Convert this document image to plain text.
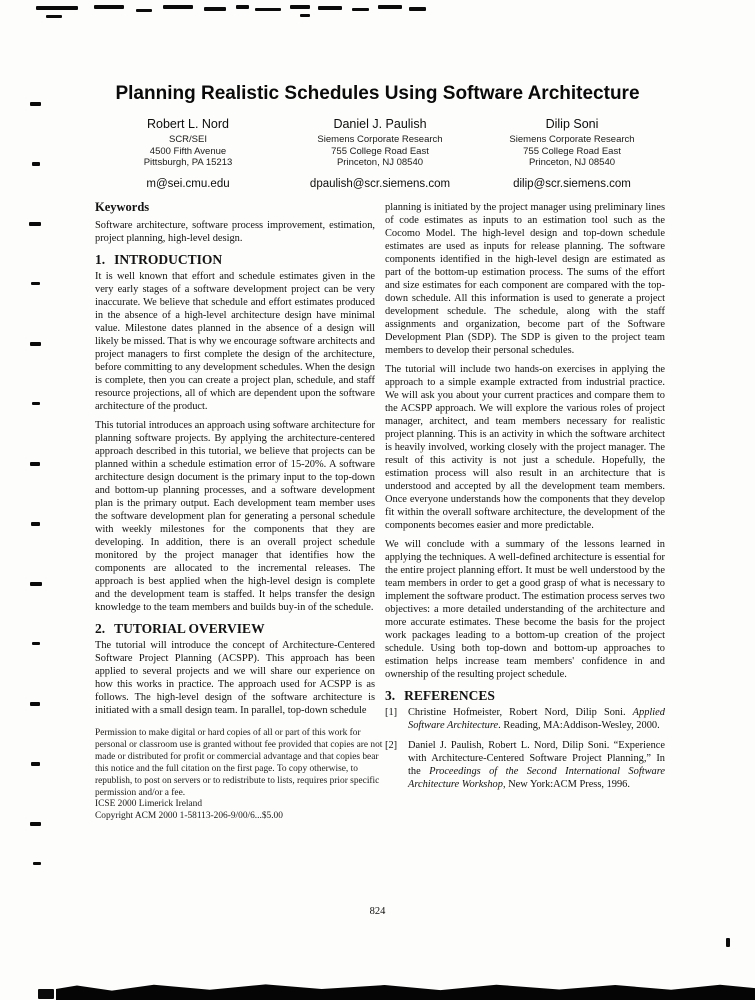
Planning Realistic Schedules Using Software Architecture
Robert L. Nord
SCR/SEI
4500 Fifth Avenue
Pittsburgh, PA 15213
m@sei.cmu.edu
Daniel J. Paulish
Siemens Corporate Research
755 College Road East
Princeton, NJ 08540
dpaulish@scr.siemens.com
Dilip Soni
Siemens Corporate Research
755 College Road East
Princeton, NJ 08540
dilip@scr.siemens.com
Keywords

Software architecture, software process improvement, estimation, project planning, high-level design.

1. INTRODUCTION

It is well known that effort and schedule estimates given in the very early stages of a software development project can be very inaccurate. We believe that schedule and effort estimates produced in the absence of a high-level architecture design have minimal value. Milestone dates planned in the absence of a design will likely be missed. That is why we encourage software architects and project managers to first complete the design of the architecture, before committing to any development schedules. When the design is complete, then you can create a project plan, schedule, and staff resource projections, all of which are dependent upon the software architecture of the product.

This tutorial introduces an approach using software architecture for planning software projects. By applying the architecture-centered approach described in this tutorial, we believe that projects can be planned within a schedule estimation error of 15-20%. A software architecture design document is the primary input to the top-down and bottom-up planning processes, and a software development plan is the primary output. Each development team member uses the software development plan for generating a personal schedule with weekly milestones for the components that they are developing. In addition, there is an overall project schedule monitored by the project manager that identifies how the components are allocated to the incremental releases. The approach is best applied when the high-level design is complete and the development team is staffed. It helps transfer the design knowledge to the team members and builds buy-in of the schedule.

2. TUTORIAL OVERVIEW

The tutorial will introduce the concept of Architecture-Centered Software Project Planning (ACSPP). This approach has been applied to several projects and we will share our experience on how this works in practice. The approach used for ACSPP is as follows. The high-level design of the software architecture is initiated with a small design team. In parallel, top-down schedule

Permission to make digital or hard copies of all or part of this work for personal or classroom use is granted without fee provided that copies are not made or distributed for profit or commercial advantage and that copies bear this notice and the full citation on the first page. To copy otherwise, to republish, to post on servers or to redistribute to lists, requires prior specific permission and/or a fee.
ICSE 2000 Limerick Ireland
Copyright ACM 2000 1-58113-206-9/00/6...$5.00

planning is initiated by the project manager using preliminary lines of code estimates as inputs to an estimation tool such as the Cocomo Model. The high-level design and top-down schedule estimates are used as inputs for release planning. The software components identified in the high-level design are estimated as part of the bottom-up estimation process. The sums of the effort and size estimates for each component are compared with the top-down schedule. All this information is used to generate a project development schedule. The schedule, along with the staff assignments and organization, become part of the Software Development Plan (SDP). The SDP is given to the project team members to develop their personal schedules.

The tutorial will include two hands-on exercises in applying the approach to a simple example extracted from industrial practice. We will ask you about your current practices and compare them to the ACSPP approach. We will explore the various roles of project manager, architect, and team members necessary for realistic project planning. This is an activity in which the software architect is heavily involved, working closely with the project manager. The result of this activity is not just a schedule. Hopefully, the estimation process will also result in an architecture that is understood and accepted by all the development team members. Once everyone understands how the components that they develop fit within the overall software architecture, the development of the components becomes easier and more predictable.

We will conclude with a summary of the lessons learned in applying the techniques. A well-defined architecture is essential for the entire project planning effort. It must be well understood by the team members in order to get a good grasp of what is necessary to implement the software product. The estimation process serves two objectives: a more detailed understanding of the architecture and more accurate estimates. These become the basis for the project work packages leading to a bottom-up creation of the project schedule. Using both top-down and bottom-up approaches to estimation helps increase team members' confidence in and ownership of the resulting project schedule.

3. REFERENCES
[1]	Christine Hofmeister, Robert Nord, Dilip Soni. Applied Software Architecture. Reading, MA:Addison-Wesley, 2000.
[2]	Daniel J. Paulish, Robert L. Nord, Dilip Soni. “Experience with Architecture-Centered Software Project Planning,” In the Proceedings of the Second International Software Architecture Workshop, New York:ACM Press, 1996.
824
